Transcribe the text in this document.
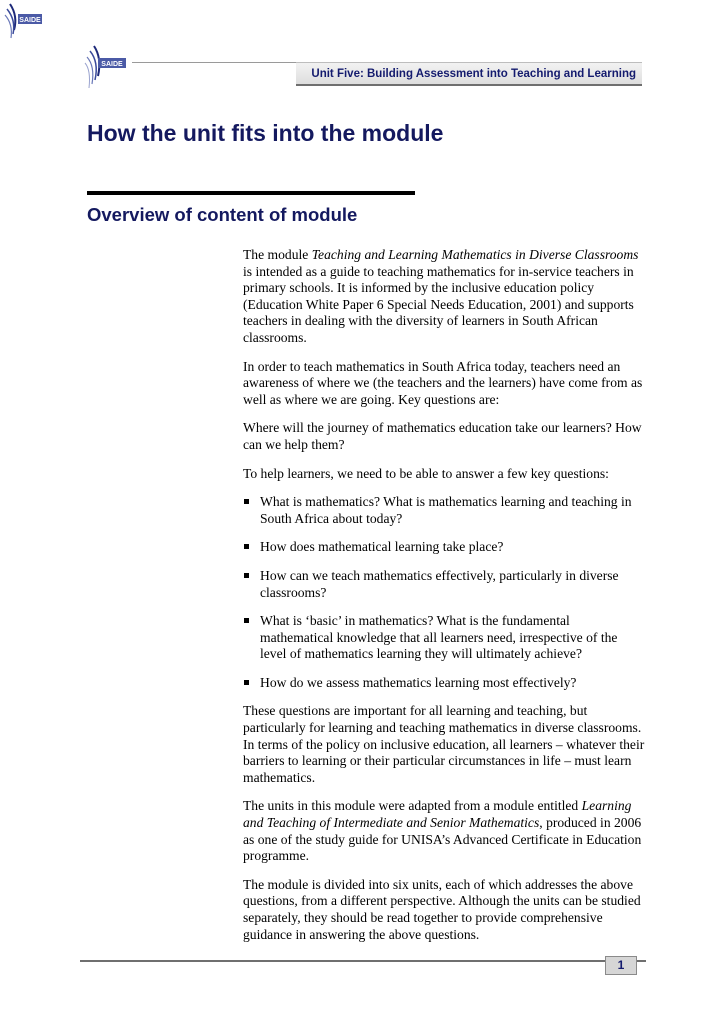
SAIDE
SAIDE
Unit Five: Building Assessment into Teaching and Learning
How the unit fits into the module
Overview of content of module

The module Teaching and Learning Mathematics in Diverse Classrooms is intended as a guide to teaching mathematics for in-service teachers in primary schools. It is informed by the inclusive education policy (Education White Paper 6 Special Needs Education, 2001) and supports teachers in dealing with the diversity of learners in South African classrooms.

In order to teach mathematics in South Africa today, teachers need an awareness of where we (the teachers and the learners) have come from as well as where we are going. Key questions are:

Where will the journey of mathematics education take our learners? How can we help them?

To help learners, we need to be able to answer a few key questions:

What is mathematics? What is mathematics learning and teaching in South Africa about today?
How does mathematical learning take place?
How can we teach mathematics effectively, particularly in diverse classrooms?
What is ‘basic’ in mathematics? What is the fundamental mathematical knowledge that all learners need, irrespective of the level of mathematics learning they will ultimately achieve?
How do we assess mathematics learning most effectively?

These questions are important for all learning and teaching, but particularly for learning and teaching mathematics in diverse classrooms. In terms of the policy on inclusive education, all learners – whatever their barriers to learning or their particular circumstances in life – must learn mathematics.

The units in this module were adapted from a module entitled Learning and Teaching of Intermediate and Senior Mathematics, produced in 2006 as one of the study guide for UNISA’s Advanced Certificate in Education programme.

The module is divided into six units, each of which addresses the above questions, from a different perspective. Although the units can be studied separately, they should be read together to provide comprehensive guidance in answering the above questions.

1
